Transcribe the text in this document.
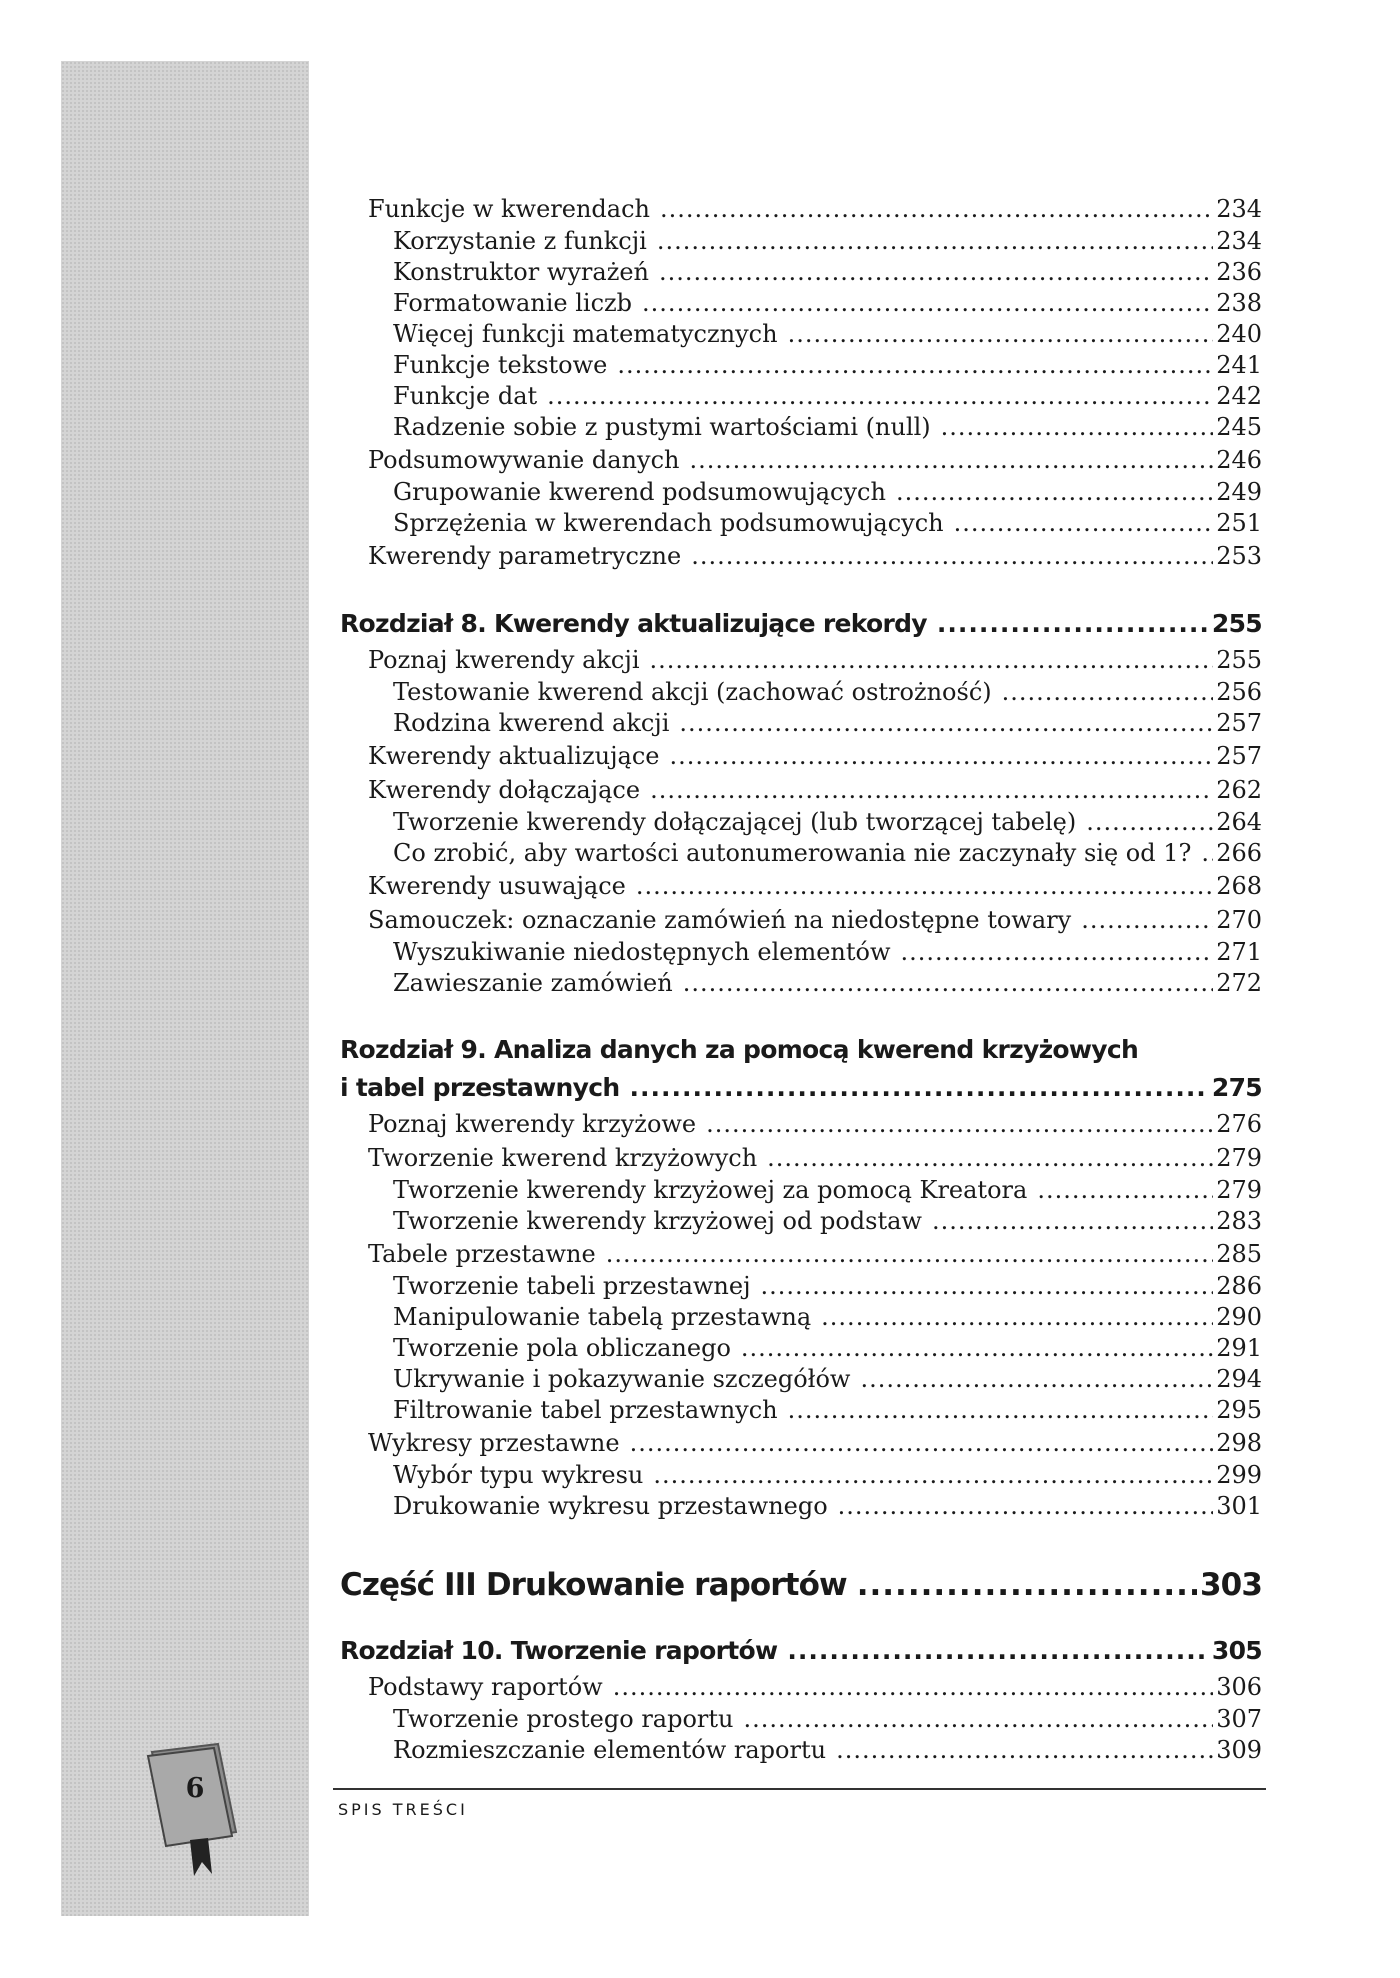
6
Funkcje w kwerendach .....	234
Korzystanie z funkcji .....	234
Konstruktor wyrażeń .....	236
Formatowanie liczb .....	238
Więcej funkcji matematycznych .....	240
Funkcje tekstowe .....	241
Funkcje dat .....	242
Radzenie sobie z pustymi wartościami (null) .....	245
Podsumowywanie danych .....	246
Grupowanie kwerend podsumowujących .....	249
Sprzężenia w kwerendach podsumowujących .....	251
Kwerendy parametryczne .....	253
Rozdział 8. Kwerendy aktualizujące rekordy .....	255
Poznaj kwerendy akcji .....	255
Testowanie kwerend akcji (zachować ostrożność) .....	256
Rodzina kwerend akcji .....	257
Kwerendy aktualizujące .....	257
Kwerendy dołączające .....	262
Tworzenie kwerendy dołączającej (lub tworzącej tabelę) .....	264
Co zrobić, aby wartości autonumerowania nie zaczynały się od 1? ..... 266
Kwerendy usuwające .....	268
Samouczek: oznaczanie zamówień na niedostępne towary .....	270
Wyszukiwanie niedostępnych elementów .....	271
Zawieszanie zamówień .....	272
Rozdział 9. Analiza danych za pomocą kwerend krzyżowych
i tabel przestawnych .....	275
Poznaj kwerendy krzyżowe .....	276
Tworzenie kwerend krzyżowych .....	279
Tworzenie kwerendy krzyżowej za pomocą Kreatora .....	279
Tworzenie kwerendy krzyżowej od podstaw .....	283
Tabele przestawne .....	285
Tworzenie tabeli przestawnej .....	286
Manipulowanie tabelą przestawną .....	290
Tworzenie pola obliczanego .....	291
Ukrywanie i pokazywanie szczegółów .....	294
Filtrowanie tabel przestawnych .....	295
Wykresy przestawne .....	298
Wybór typu wykresu .....	299
Drukowanie wykresu przestawnego .....	301
Część III Drukowanie raportów .....	303
Rozdział 10. Tworzenie raportów .....	305
Podstawy raportów .....	306
Tworzenie prostego raportu .....	307
Rozmieszczanie elementów raportu .....	309
SPIS TREŚCI
